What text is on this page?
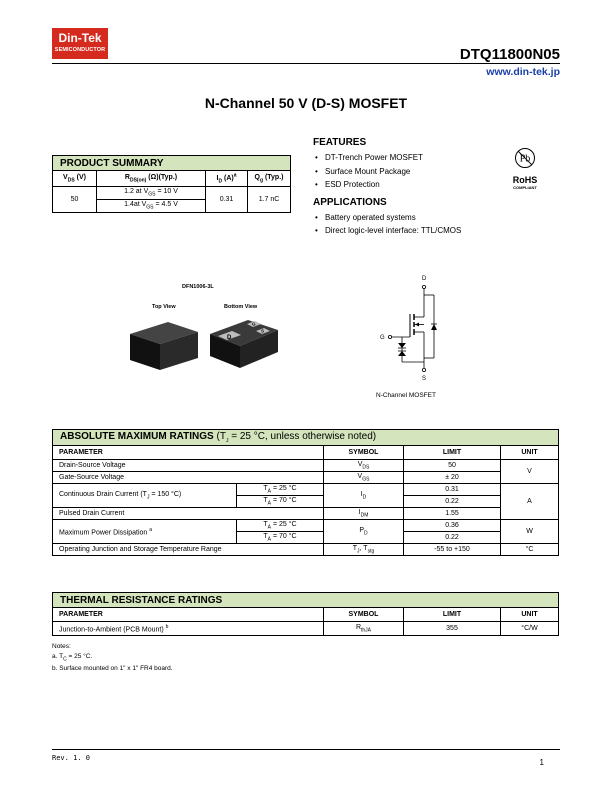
Din-Tek
SEMICONDUCTOR	DTQ11800N05
www.din-tek.jp
N-Channel 50 V (D-S) MOSFET
PRODUCT SUMMARY			
$V_{DS}$ (V)	$R_{DS(on)}$ (Ω)(Typ.)	$I_D$ $(A)^a$	$Q_g$ (Typ.)
50	1.2 at $V_{GS} = 10$ V	0.31	1.7 nC
	1.4at $V_{GS} = 4.5$ V		
FEATURES
• DT-Trench Power MOSFET
• Surface Mount Package
• ESD Protection
APPLICATIONS
• Battery operated systems
• Direct logic-level interface: TTL/CMOS
Pb
RoHS
COMPLIANT
DFN1006-3L
Top View	Bottom View
D
G
S
D
G
S
N-Channel MOSFET
ABSOLUTE MAXIMUM RATINGS ($T_J = 25$ °C, unless otherwise noted)				
PARAMETER		SYMBOL	LIMIT	UNIT
Drain-Source Voltage		$V_{DS}$	50	V
Gate-Source Voltage		$V_{GS}$	± 20	
Continuous Drain Current ($T_J = 150$ °C)	$T_A = 25$ °C	$I_D$	0.31	A
	$T_A = 70$ °C		0.22	
Pulsed Drain Current		$I_{DM}$	1.55	
Maximum Power Dissipation $^a$	$T_A = 25$ °C	$P_D$	0.36	W
	$T_A = 70$ °C		0.22	
Operating Junction and Storage Temperature Range		$T_J$, $T_{stg}$	-55 to +150	°C
THERMAL RESISTANCE RATINGS			
PARAMETER	SYMBOL	LIMIT	UNIT
Junction-to-Ambient (PCB Mount) $^b$	$R_{thJA}$	355	°C/W
Notes:
a. $T_C = 25$ °C.
b. Surface mounted on 1" x 1" FR4 board.
Rev. 1. 0	1
